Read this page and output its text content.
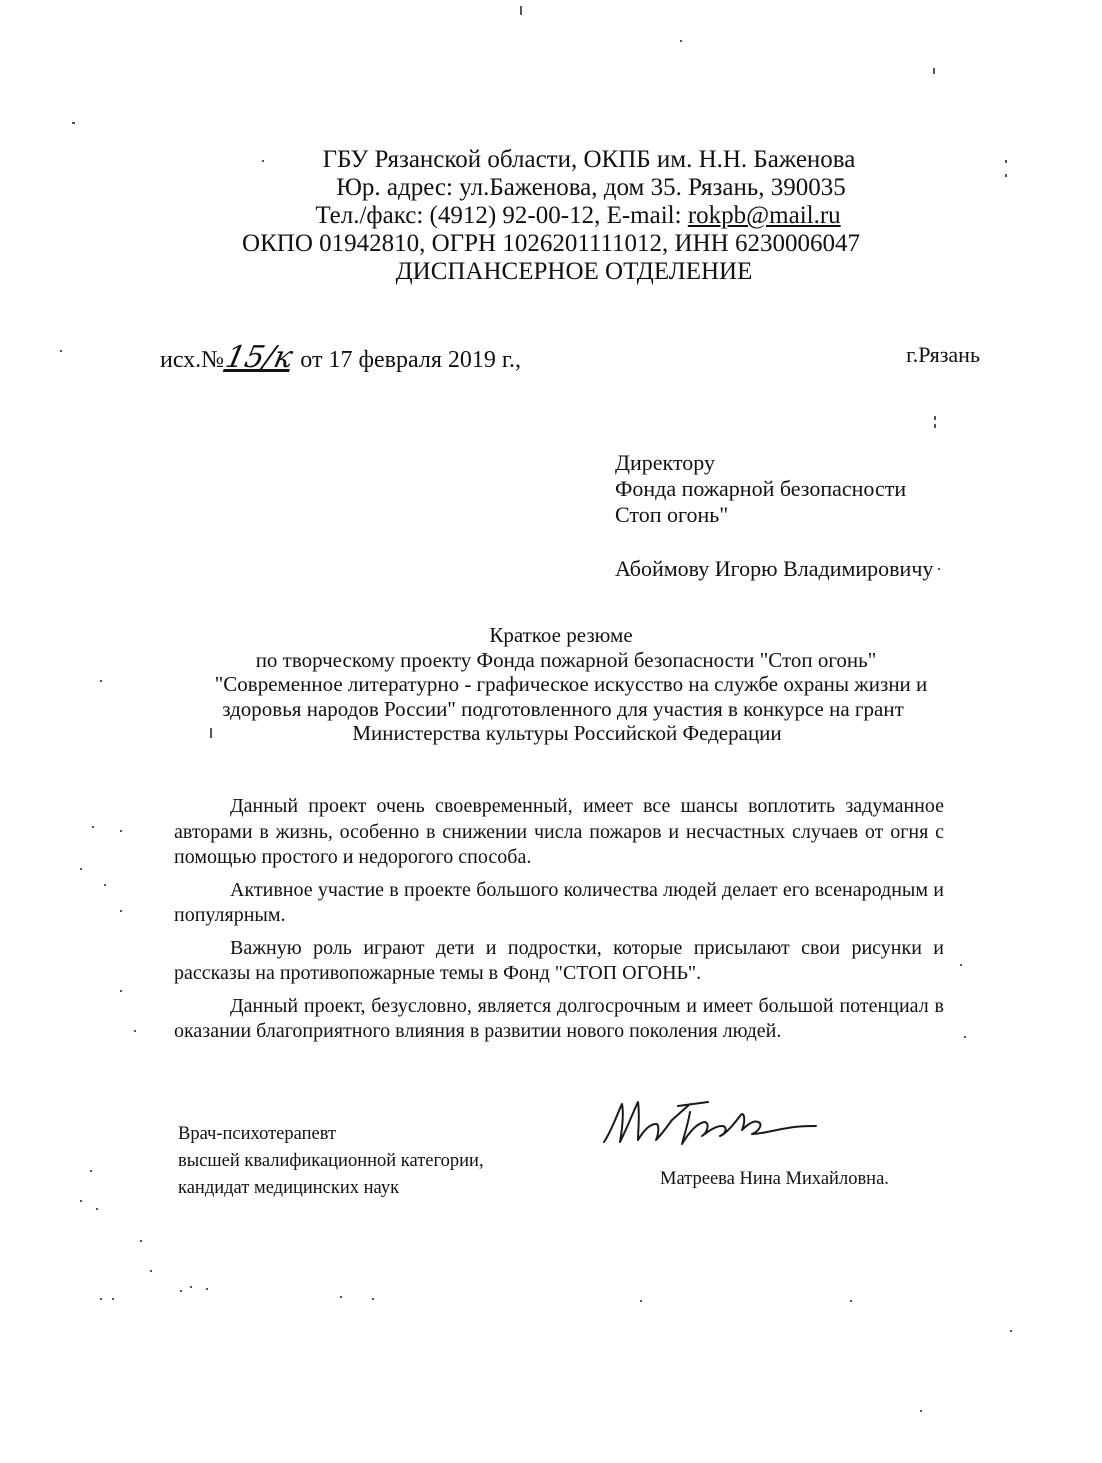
ГБУ Рязанской области, ОКПБ им. Н.Н. Баженова
Юр. адрес: ул.Баженова, дом 35. Рязань, 390035
Тел./факс: (4912) 92-00-12, E-mail: rokpb@mail.ru
ОКПО 01942810, ОГРН 1026201111012, ИНН 6230006047
ДИСПАНСЕРНОЕ ОТДЕЛЕНИЕ
исх.№15/к от 17 февраля 2019 г.,	г.Рязань
Директору
Фонда пожарной безопасности
Стоп огонь"
Абоймову Игорю Владимировичу
Краткое резюме
по творческому проекту Фонда пожарной безопасности "Стоп огонь"
"Современное литературно - графическое искусство на службе охраны жизни и
здоровья народов России" подготовленного для участия в конкурсе на грант
Министерства культуры Российской Федерации

Данный проект очень своевременный, имеет все шансы воплотить задуманное авторами в жизнь, особенно в снижении числа пожаров и несчастных случаев от огня с помощью простого и недорогого способа.

Активное участие в проекте большого количества людей делает его всенародным и популярным.

Важную роль играют дети и подростки, которые присылают свои рисунки и рассказы на противопожарные темы в Фонд "СТОП ОГОНЬ".

Данный проект, безусловно, является долгосрочным и имеет большой потенциал в оказании благоприятного влияния в развитии нового поколения людей.

Врач-психотерапевт
высшей квалификационной категории,
кандидат медицинских наук	Матреева Нина Михайловна.
